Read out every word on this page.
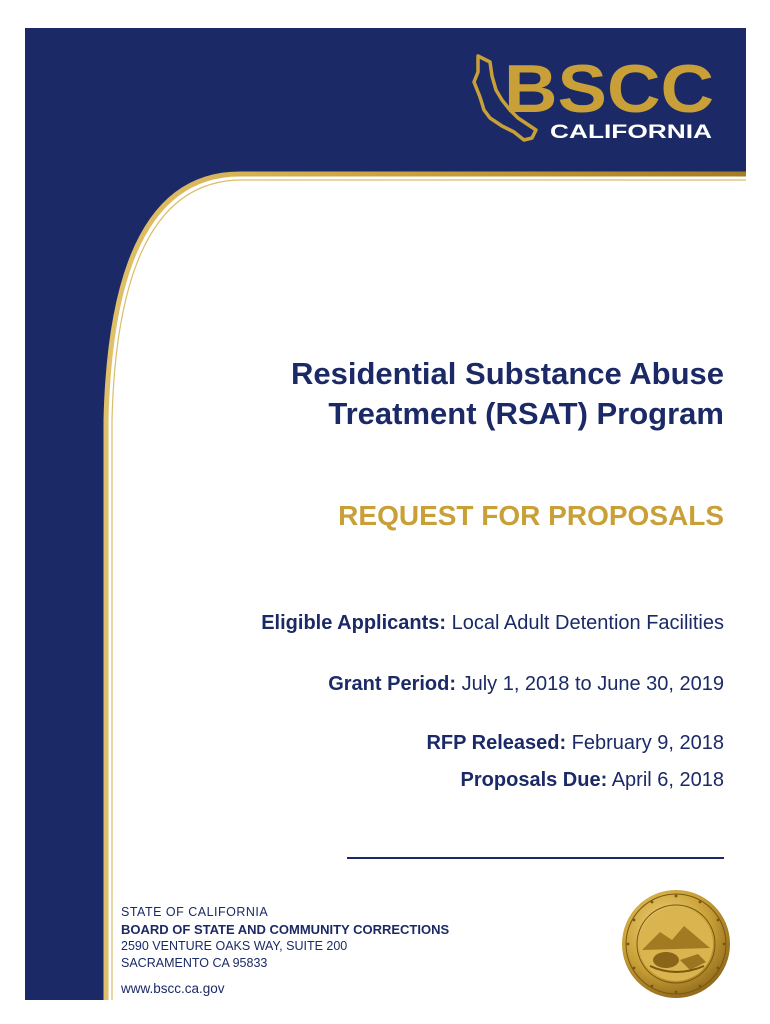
BSCC
CALIFORNIA
Residential Substance Abuse
Treatment (RSAT) Program
REQUEST FOR PROPOSALS
Eligible Applicants: Local Adult Detention Facilities
Grant Period: July 1, 2018 to June 30, 2019
RFP Released: February 9, 2018
Proposals Due: April 6, 2018
STATE OF CALIFORNIA
BOARD OF STATE AND COMMUNITY CORRECTIONS
2590 VENTURE OAKS WAY, SUITE 200
SACRAMENTO CA 95833
www.bscc.ca.gov
